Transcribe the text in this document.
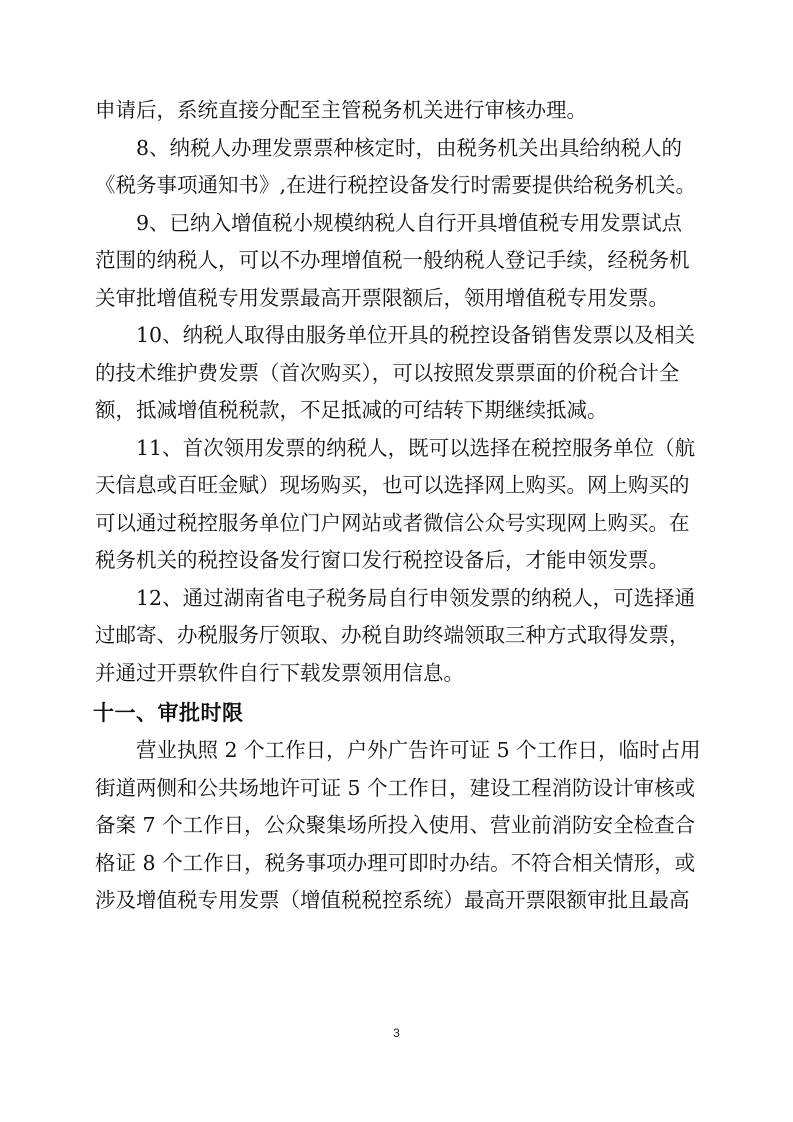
申请后，系统直接分配至主管税务机关进行审核办理。

8、纳税人办理发票票种核定时，由税务机关出具给纳税人的
《税务事项通知书》,在进行税控设备发行时需要提供给税务机关。

9、已纳入增值税小规模纳税人自行开具增值税专用发票试点
范围的纳税人，可以不办理增值税一般纳税人登记手续，经税务机
关审批增值税专用发票最高开票限额后，领用增值税专用发票。

10、纳税人取得由服务单位开具的税控设备销售发票以及相关
的技术维护费发票（首次购买），可以按照发票票面的价税合计全
额，抵减增值税税款，不足抵减的可结转下期继续抵减。

11、首次领用发票的纳税人，既可以选择在税控服务单位（航
天信息或百旺金赋）现场购买，也可以选择网上购买。网上购买的
可以通过税控服务单位门户网站或者微信公众号实现网上购买。在
税务机关的税控设备发行窗口发行税控设备后，才能申领发票。

12、通过湖南省电子税务局自行申领发票的纳税人，可选择通
过邮寄、办税服务厅领取、办税自助终端领取三种方式取得发票，
并通过开票软件自行下载发票领用信息。

十一、审批时限

营业执照 2 个工作日，户外广告许可证 5 个工作日，临时占用
街道两侧和公共场地许可证 5 个工作日，建设工程消防设计审核或
备案 7 个工作日，公众聚集场所投入使用、营业前消防安全检查合
格证 8 个工作日，税务事项办理可即时办结。不符合相关情形，或
涉及增值税专用发票（增值税税控系统）最高开票限额审批且最高

3
